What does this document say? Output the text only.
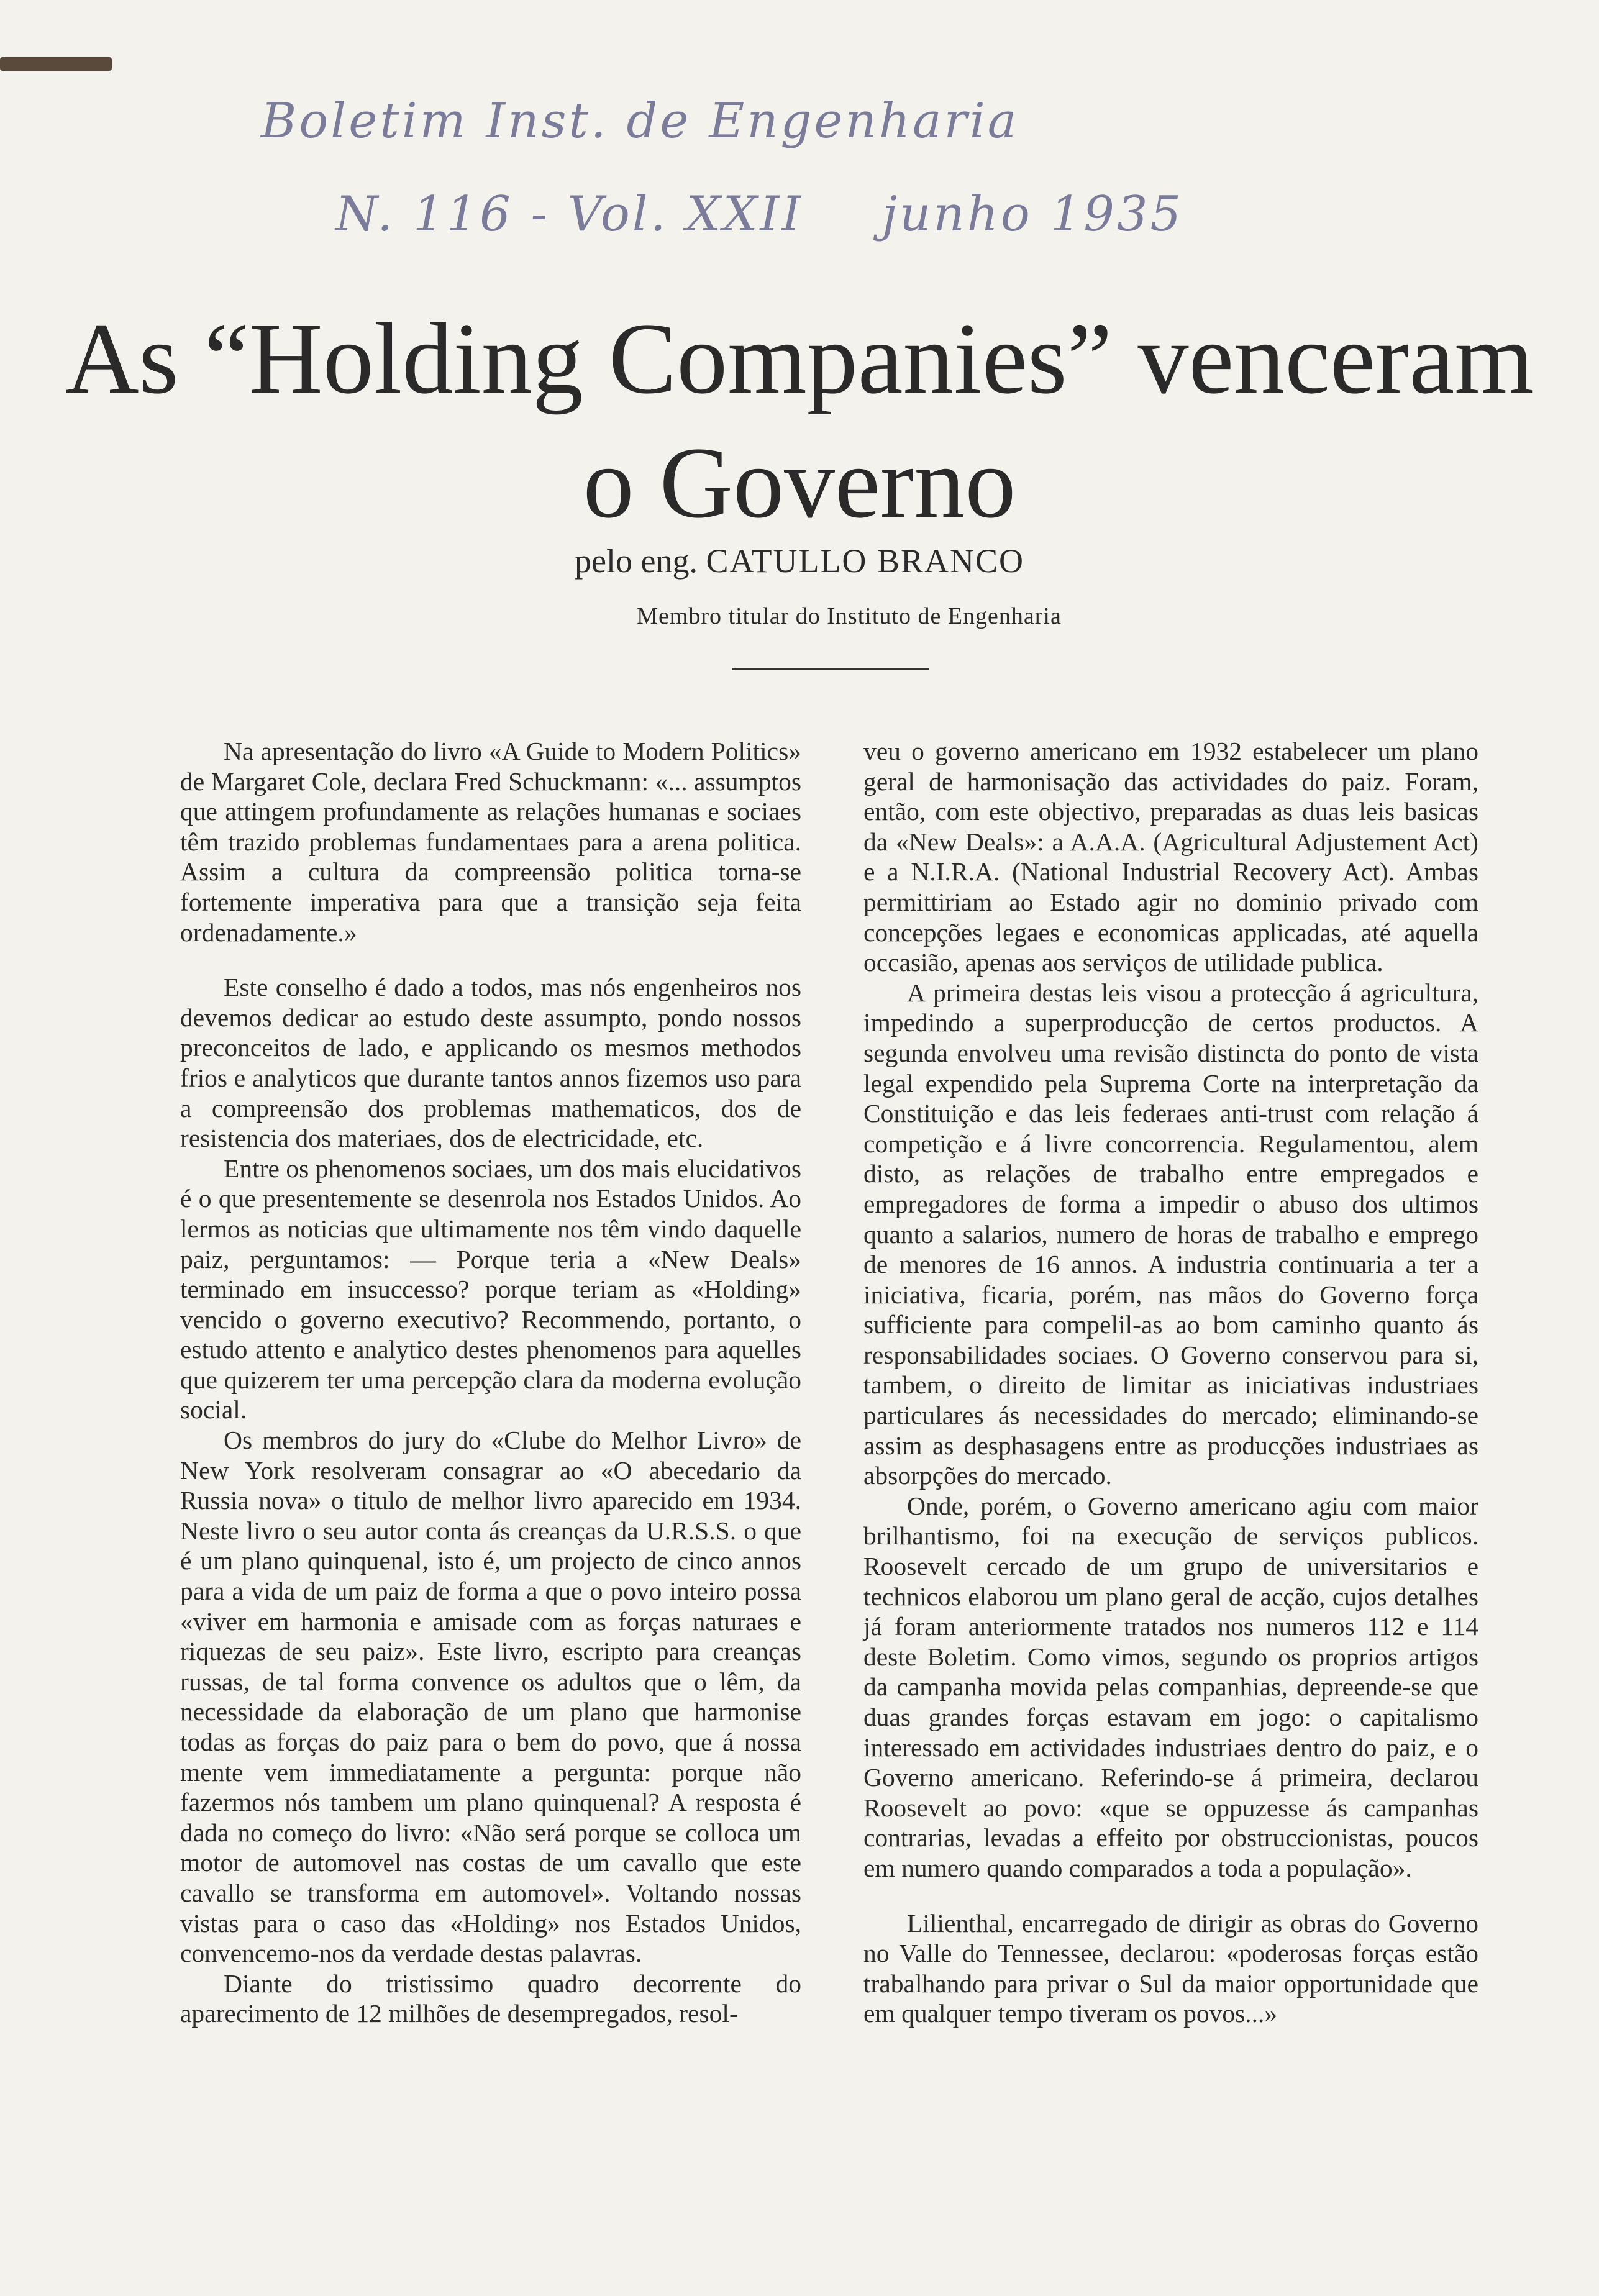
Boletim Inst. de Engenharia
N. 116 - Vol. XXII junho 1935
As “Holding Companies” venceram
o Governo
pelo eng. CATULLO BRANCO
Membro titular do Instituto de Engenharia

Na apresentação do livro «A Guide to Modern Politics» de Margaret Cole, declara Fred Schuckmann: «... assumptos que attingem profundamente as relações humanas e sociaes têm trazido problemas fundamentaes para a arena politica. Assim a cultura da compreensão politica torna-se fortemente imperativa para que a transição seja feita ordenadamente.»

Este conselho é dado a todos, mas nós engenheiros nos devemos dedicar ao estudo deste assumpto, pondo nossos preconceitos de lado, e applicando os mesmos methodos frios e analyticos que durante tantos annos fizemos uso para a compreensão dos problemas mathematicos, dos de resistencia dos materiaes, dos de electricidade, etc.

Entre os phenomenos sociaes, um dos mais elucidativos é o que presentemente se desenrola nos Estados Unidos. Ao lermos as noticias que ultimamente nos têm vindo daquelle paiz, perguntamos: — Porque teria a «New Deals» terminado em insuccesso? porque teriam as «Holding» vencido o governo executivo? Recommendo, portanto, o estudo attento e analytico destes phenomenos para aquelles que quizerem ter uma percepção clara da moderna evolução social.

Os membros do jury do «Clube do Melhor Livro» de New York resolveram consagrar ao «O abecedario da Russia nova» o titulo de melhor livro aparecido em 1934. Neste livro o seu autor conta ás creanças da U.R.S.S. o que é um plano quinquenal, isto é, um projecto de cinco annos para a vida de um paiz de forma a que o povo inteiro possa «viver em harmonia e amisade com as forças naturaes e riquezas de seu paiz». Este livro, escripto para creanças russas, de tal forma convence os adultos que o lêm, da necessidade da elaboração de um plano que harmonise todas as forças do paiz para o bem do povo, que á nossa mente vem immediatamente a pergunta: porque não fazermos nós tambem um plano quinquenal? A resposta é dada no começo do livro: «Não será porque se colloca um motor de automovel nas costas de um cavallo que este cavallo se transforma em automovel». Voltando nossas vistas para o caso das «Holding» nos Estados Unidos, convencemo-nos da verdade destas palavras.

Diante do tristissimo quadro decorrente do aparecimento de 12 milhões de desempregados, resol-

veu o governo americano em 1932 estabelecer um plano geral de harmonisação das actividades do paiz. Foram, então, com este objectivo, preparadas as duas leis basicas da «New Deals»: a A.A.A. (Agricultural Adjustement Act) e a N.I.R.A. (National Industrial Recovery Act). Ambas permittiriam ao Estado agir no dominio privado com concepções legaes e economicas applicadas, até aquella occasião, apenas aos serviços de utilidade publica.

A primeira destas leis visou a protecção á agricultura, impedindo a superproducção de certos productos. A segunda envolveu uma revisão distincta do ponto de vista legal expendido pela Suprema Corte na interpretação da Constituição e das leis federaes anti-trust com relação á competição e á livre concorrencia. Regulamentou, alem disto, as relações de trabalho entre empregados e empregadores de forma a impedir o abuso dos ultimos quanto a salarios, numero de horas de trabalho e emprego de menores de 16 annos. A industria continuaria a ter a iniciativa, ficaria, porém, nas mãos do Governo força sufficiente para compelil-as ao bom caminho quanto ás responsabilidades sociaes. O Governo conservou para si, tambem, o direito de limitar as iniciativas industriaes particulares ás necessidades do mercado; eliminando-se assim as desphasagens entre as producções industriaes as absorpções do mercado.

Onde, porém, o Governo americano agiu com maior brilhantismo, foi na execução de serviços publicos. Roosevelt cercado de um grupo de universitarios e technicos elaborou um plano geral de acção, cujos detalhes já foram anteriormente tratados nos numeros 112 e 114 deste Boletim. Como vimos, segundo os proprios artigos da campanha movida pelas companhias, depreende-se que duas grandes forças estavam em jogo: o capitalismo interessado em actividades industriaes dentro do paiz, e o Governo americano. Referindo-se á primeira, declarou Roosevelt ao povo: «que se oppuzesse ás campanhas contrarias, levadas a effeito por obstruccionistas, poucos em numero quando comparados a toda a população».

Lilienthal, encarregado de dirigir as obras do Governo no Valle do Tennessee, declarou: «poderosas forças estão trabalhando para privar o Sul da maior opportunidade que em qualquer tempo tiveram os povos...»
